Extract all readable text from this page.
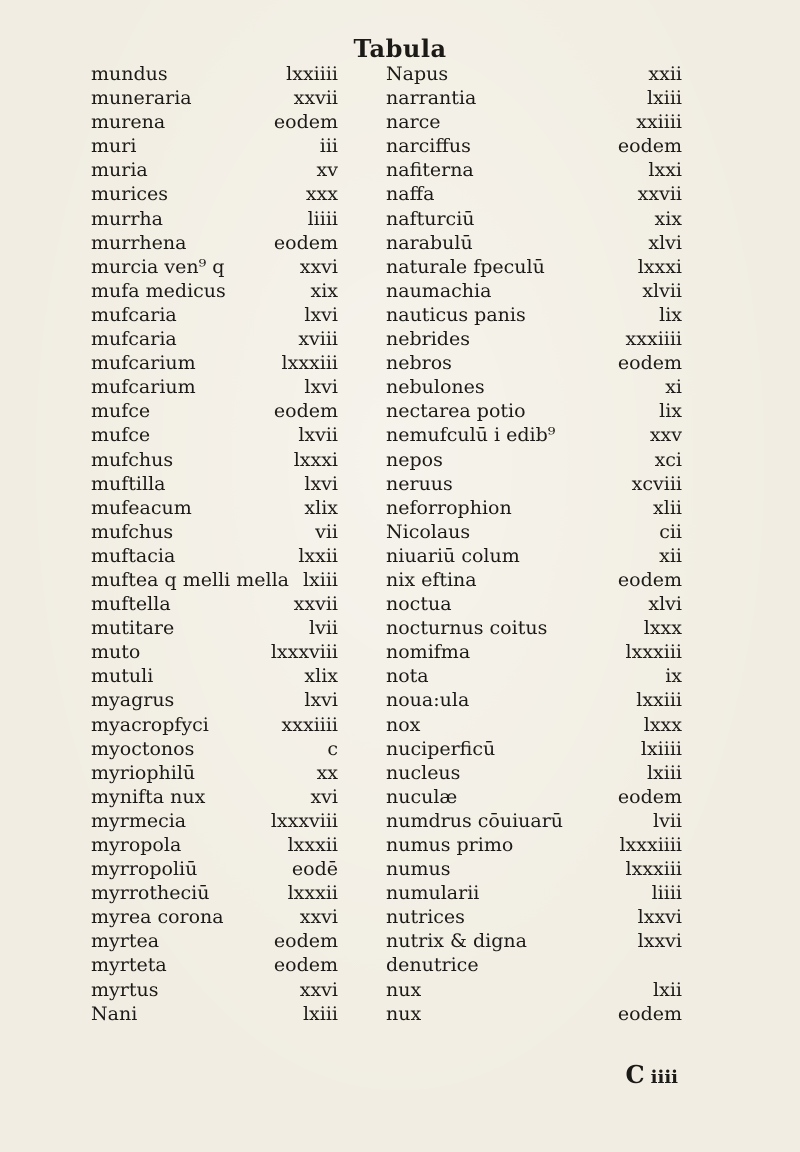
Tabula
mundus
muneraria
murena
muri
muria
murices
murrha
murrhena
murcia ven⁹ q
mufa medicus
mufcaria
mufcaria
mufcarium
mufcarium
mufce
mufce
mufchus
muftilla
mufeacum
mufchus
muftacia
muftea q melli mella
muftella
mutitare
muto
mutuli
myagrus
myacropfyci
myoctonos
myriophilū
mynifta nux
myrmecia
myropola
myrropoliū
myrrotheciū
myrea corona
myrtea
myrteta
myrtus
Nani
lxxiiii
xxvii
eodem
iii
xv
xxx
liiii
eodem
xxvi
xix
lxvi
xviii
lxxxiii
lxvi
eodem
lxvii
lxxxi
lxvi
xlix
vii
lxxii
lxiii
xxvii
lvii
lxxxviii
xlix
lxvi
xxxiiii
c
xx
xvi
lxxxviii
lxxxii
eodē
lxxxii
xxvi
eodem
eodem
xxvi
lxiii
Napus
narrantia
narce
narciffus
nafiterna
naffa
nafturciū
narabulū
naturale fpeculū
naumachia
nauticus panis
nebrides
nebros
nebulones
nectarea potio
nemufculū i edib⁹
nepos
neruus
neforrophion
Nicolaus
niuariū colum
nix eftina
noctua
nocturnus coitus
nomifma
nota
noua:ula
nox
nuciperficū
nucleus
nuculæ
numdrus cōuiuarū
numus primo
numus
numularii
nutrices
nutrix & digna
denutrice
nux
nux
xxii
lxiii
xxiiii
eodem
lxxi
xxvii
xix
xlvi
lxxxi
xlvii
lix
xxxiiii
eodem
xi
lix
xxv
xci
xcviii
xlii
cii
xii
eodem
xlvi
lxxx
lxxxiii
ix
lxxiii
lxxx
lxiiii
lxiii
eodem
lvii
lxxxiiii
lxxxiii
liiii
lxxvi
lxxvi
lxii
eodem
C iiii
